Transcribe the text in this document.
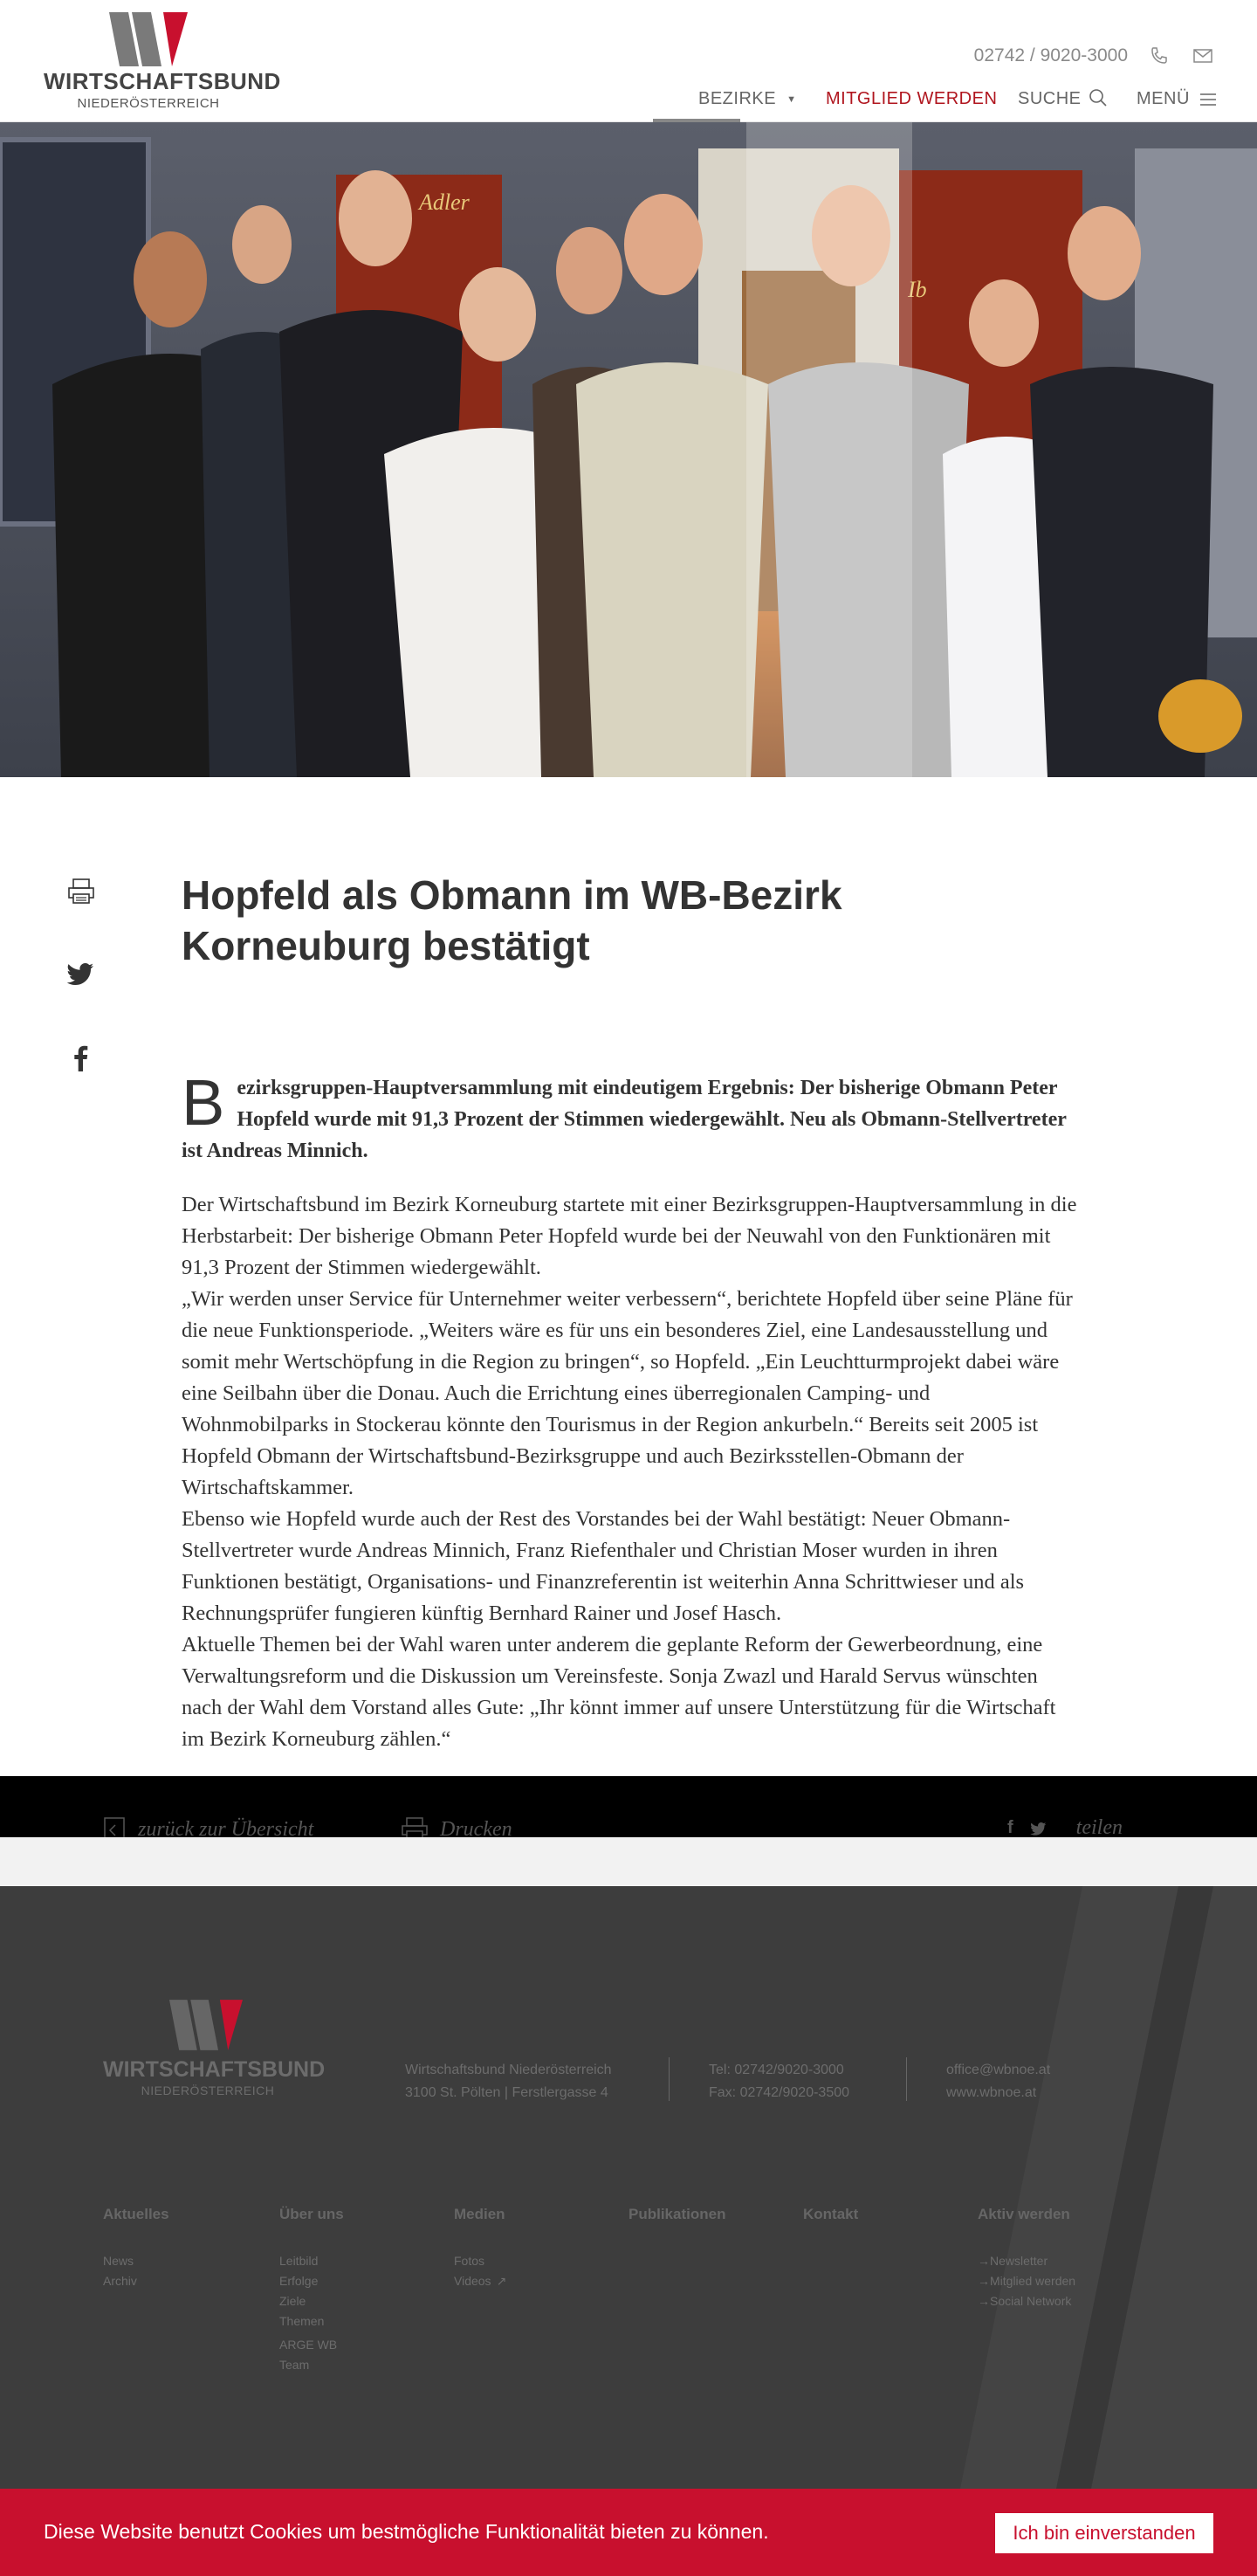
WIRTSCHAFTSBUND
NIEDERÖSTERREICH
02742 / 9020-3000
BEZIRKE ▼ MITGLIED WERDEN SUCHE	MENÜ
Adler
Ib
Hopfeld als Obmann im WB-Bezirk Korneuburg bestätigt
B ezirksgruppen-Hauptversammlung mit eindeutigem Ergebnis: Der bisherige Obmann Peter Hopfeld wurde mit 91,3 Prozent der Stimmen wiedergewählt. Neu als Obmann-Stellvertreter ist Andreas Minnich.

Der Wirtschaftsbund im Bezirk Korneuburg startete mit einer Bezirksgruppen-Hauptversammlung in die Herbstarbeit: Der bisherige Obmann Peter Hopfeld wurde bei der Neuwahl von den Funktionären mit 91,3 Prozent der Stimmen wiedergewählt.

„Wir werden unser Service für Unternehmer weiter verbessern“, berichtete Hopfeld über seine Pläne für die neue Funktionsperiode. „Weiters wäre es für uns ein besonderes Ziel, eine Landesausstellung und somit mehr Wertschöpfung in die Region zu bringen“, so Hopfeld. „Ein Leuchtturmprojekt dabei wäre eine Seilbahn über die Donau. Auch die Errichtung eines überregionalen Camping- und Wohnmobilparks in Stockerau könnte den Tourismus in der Region ankurbeln.“ Bereits seit 2005 ist Hopfeld Obmann der Wirtschaftsbund-Bezirksgruppe und auch Bezirksstellen-Obmann der Wirtschaftskammer.

Ebenso wie Hopfeld wurde auch der Rest des Vorstandes bei der Wahl bestätigt: Neuer Obmann-Stellvertreter wurde Andreas Minnich, Franz Riefenthaler und Christian Moser wurden in ihren Funktionen bestätigt, Organisations- und Finanzreferentin ist weiterhin Anna Schrittwieser und als Rechnungsprüfer fungieren künftig Bernhard Rainer und Josef Hasch.

Aktuelle Themen bei der Wahl waren unter anderem die geplante Reform der Gewerbeordnung, eine Verwaltungsreform und die Diskussion um Vereinsfeste. Sonja Zwazl und Harald Servus wünschten nach der Wahl dem Vorstand alles Gute: „Ihr könnt immer auf unsere Unterstützung für die Wirtschaft im Bezirk Korneuburg zählen.“

zurück zur Übersicht	Drucken	f	teilen
WIRTSCHAFTSBUND
NIEDERÖSTERREICH
Wirtschaftsbund Niederösterreich
3100 St. Pölten | Ferstlergasse 4
Tel: 02742/9020-3000
Fax: 02742/9020-3500
office@wbnoe.at
www.wbnoe.at
Aktuelles
News
Archiv
Über uns
Leitbild
Erfolge
Ziele
Themen
ARGE WB
Team
Medien
Fotos
Videos ↗
Publikationen	Kontakt	Aktiv werden
→Newsletter
→Mitglied werden
→Social Network
Diese Website benutzt Cookies um bestmögliche Funktionalität bieten zu können.	Ich bin einverstanden
